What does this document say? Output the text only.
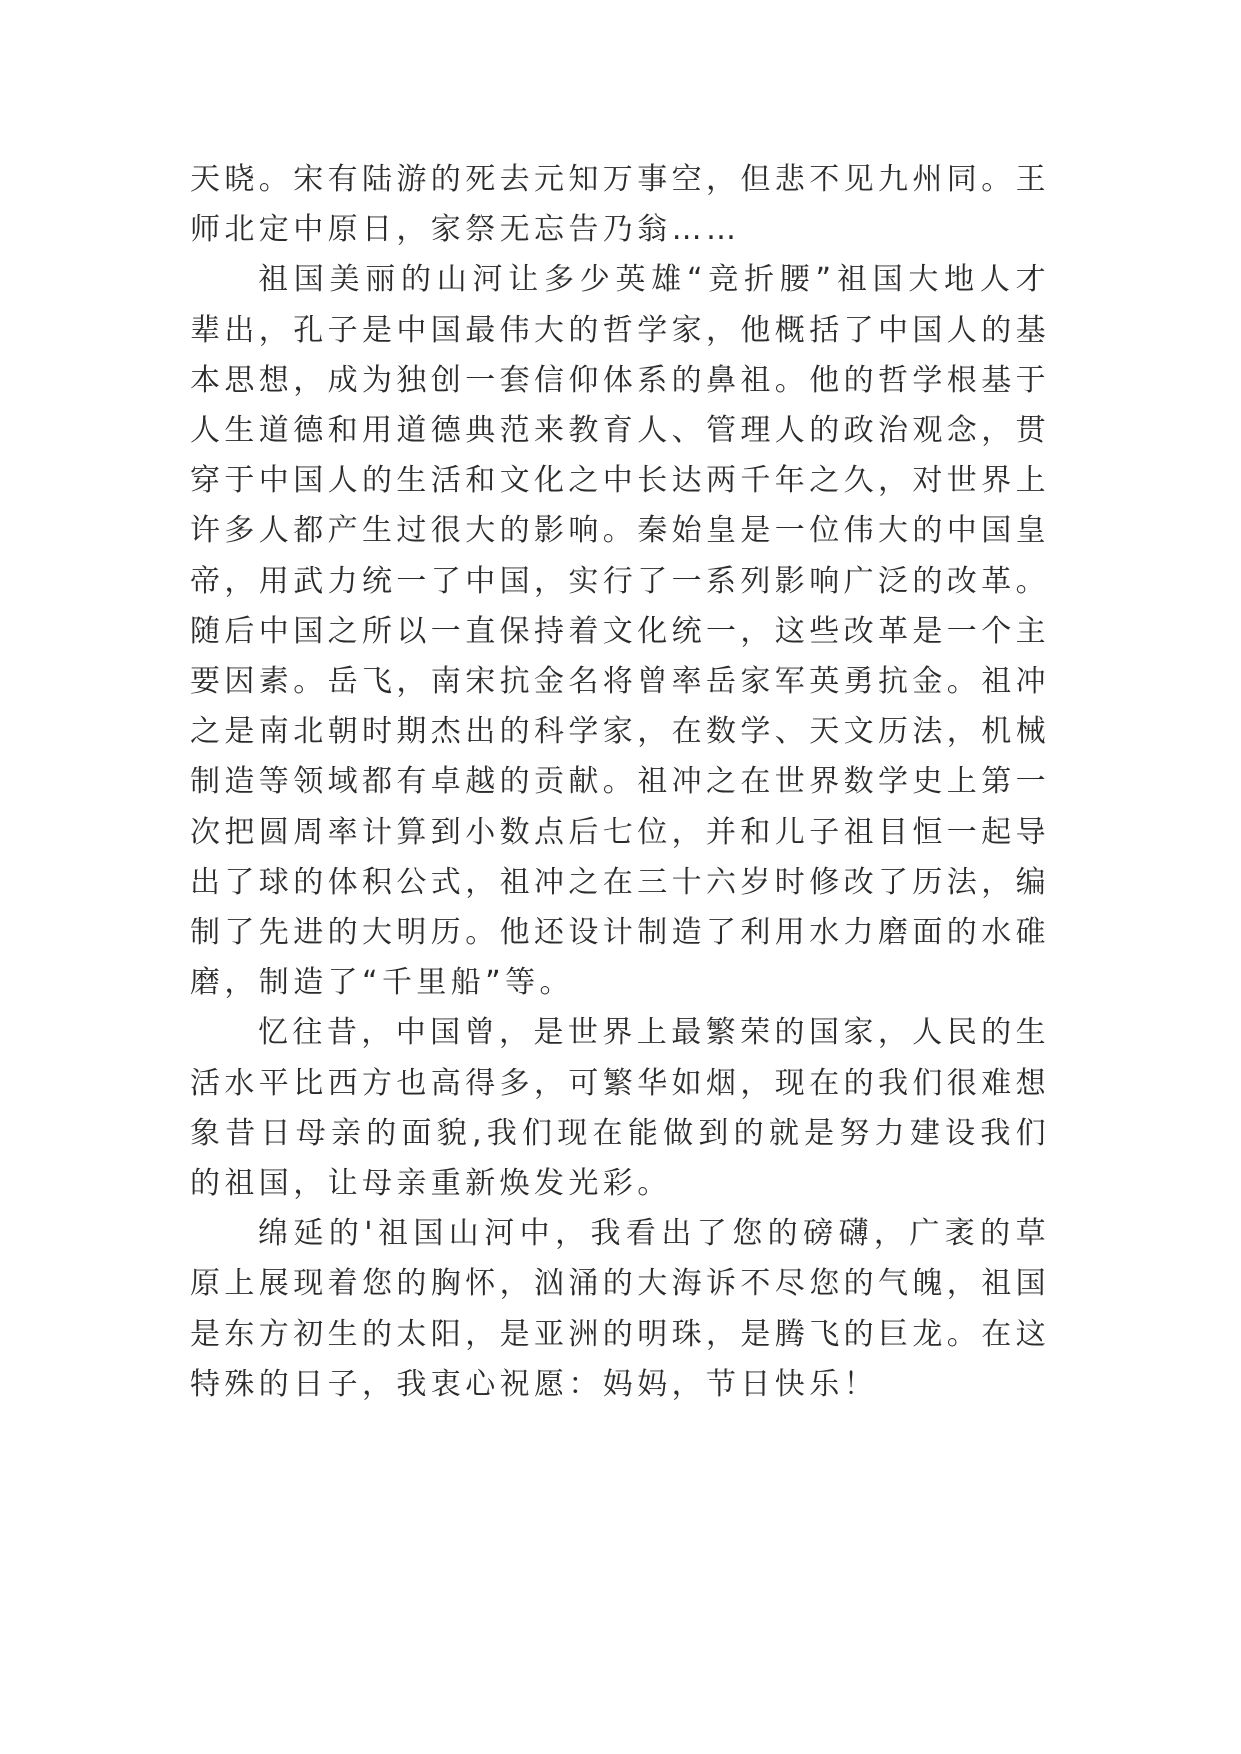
天晓。宋有陆游的死去元知万事空，但悲不见九州同。王师北定中原日，家祭无忘告乃翁……

祖国美丽的山河让多少英雄“竞折腰”祖国大地人才辈出，孔子是中国最伟大的哲学家，他概括了中国人的基本思想，成为独创一套信仰体系的鼻祖。他的哲学根基于人生道德和用道德典范来教育人、管理人的政治观念，贯穿于中国人的生活和文化之中长达两千年之久，对世界上许多人都产生过很大的影响。秦始皇是一位伟大的中国皇帝，用武力统一了中国，实行了一系列影响广泛的改革。随后中国之所以一直保持着文化统一，这些改革是一个主要因素。岳飞，南宋抗金名将曾率岳家军英勇抗金。祖冲之是南北朝时期杰出的科学家，在数学、天文历法，机械制造等领域都有卓越的贡献。祖冲之在世界数学史上第一次把圆周率计算到小数点后七位，并和儿子祖目恒一起导出了球的体积公式，祖冲之在三十六岁时修改了历法，编制了先进的大明历。他还设计制造了利用水力磨面的水碓磨，制造了“千里船”等。

忆往昔，中国曾，是世界上最繁荣的国家，人民的生活水平比西方也高得多，可繁华如烟，现在的我们很难想象昔日母亲的面貌,我们现在能做到的就是努力建设我们的祖国，让母亲重新焕发光彩。

绵延的'祖国山河中，我看出了您的磅礴，广袤的草原上展现着您的胸怀，汹涌的大海诉不尽您的气魄，祖国是东方初生的太阳，是亚洲的明珠，是腾飞的巨龙。在这特殊的日子，我衷心祝愿：妈妈，节日快乐！
